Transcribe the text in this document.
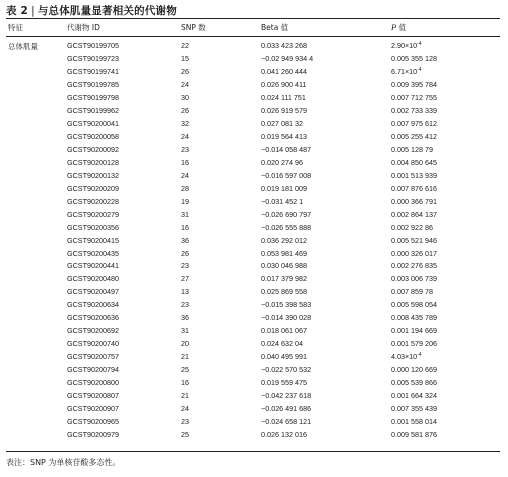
表 2 | 与总体肌量显著相关的代谢物
特征	代谢物 ID	SNP 数	Beta 值	P 值
总体肌量	GCST90199705	22	0.033 423 268	$2.90\times 10^{-4}$
GCST90199723	15	−0.02 949 934 4	0.005 355 128
GCST90199741	26	0.041 260 444	$6.71\times 10^{-4}$
GCST90199785	24	0.026 900 411	0.009 395 784
GCST90199798	30	0.024 111 751	0.007 712 755
GCST90199962	26	0.026 919 579	0.002 733 339
GCST90200041	32	0.027 081 32	0.007 975 612
GCST90200058	24	0.019 564 413	0.005 255 412
GCST90200092	23	−0.014 058 487	0.005 128 79
GCST90200128	16	0.020 274 96	0.004 850 645
GCST90200132	24	−0.016 597 008	0.001 513 939
GCST90200209	28	0.019 181 009	0.007 876 616
GCST90200228	19	−0.031 452 1	0.000 366 791
GCST90200279	31	−0.026 690 797	0.002 864 137
GCST90200356	16	−0.026 555 888	0.002 922 86
GCST90200415	36	0.036 292 012	0.005 521 946
GCST90200435	26	0.053 981 469	0.000 326 017
GCST90200441	23	0.030 046 988	0.002 276 835
GCST90200480	27	0.017 379 982	0.003 006 739
GCST90200497	13	0.025 869 558	0.007 859 78
GCST90200634	23	−0.015 398 583	0.005 598 054
GCST90200636	36	−0.014 390 028	0.008 435 789
GCST90200692	31	0.018 061 067	0.001 194 669
GCST90200740	20	0.024 632 04	0.001 579 206
GCST90200757	21	0.040 495 991	$4.03\times 10^{-4}$
GCST90200794	25	−0.022 570 532	0.000 120 669
GCST90200800	16	0.019 559 475	0.005 539 866
GCST90200807	21	−0.042 237 618	0.001 664 324
GCST90200907	24	−0.026 491 686	0.007 355 439
GCST90200965	23	−0.024 658 121	0.001 558 014
GCST90200979	25	0.026 132 016	0.009 581 876
表注：SNP 为单核苷酸多态性。
